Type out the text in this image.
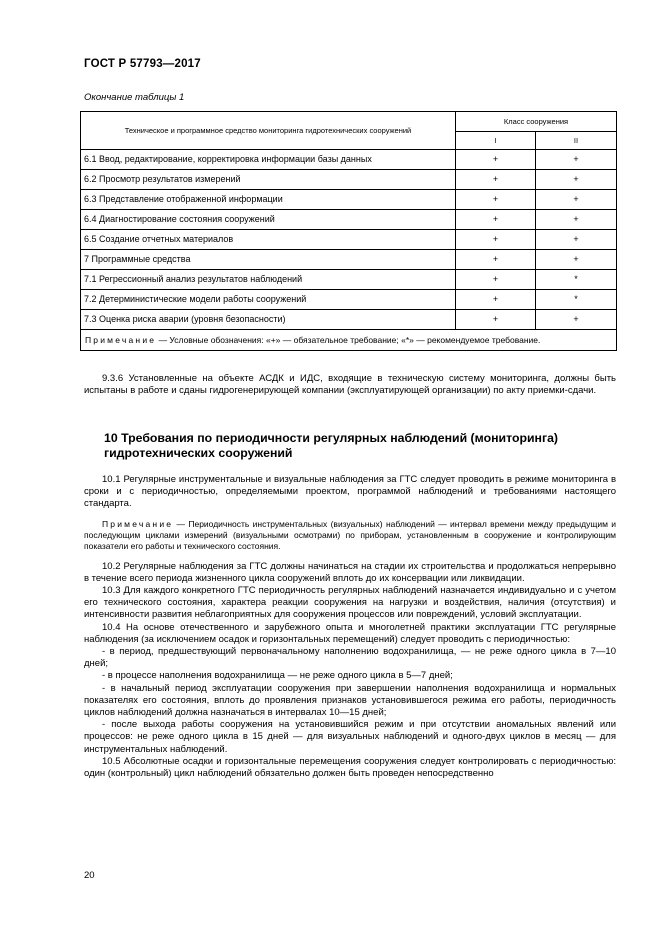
ГОСТ Р 57793—2017
Окончание таблицы 1
Техническое и программное средство мониторинга гидротехнических сооружений	Класс сооружения	
	I	II
6.1 Ввод, редактирование, корректировка информации базы данных	+	+
6.2 Просмотр результатов измерений	+	+
6.3 Представление отображенной информации	+	+
6.4 Диагностирование состояния сооружений	+	+
6.5 Создание отчетных материалов	+	+
7 Программные средства	+	+
7.1 Регрессионный анализ результатов наблюдений	+	*
7.2 Детерминистические модели работы сооружений	+	*
7.3 Оценка риска аварии (уровня безопасности)	+	+
Примечание — Условные обозначения: «+» — обязательное требование; «*» — рекомендуемое требование.		

9.3.6 Установленные на объекте АСДК и ИДС, входящие в техническую систему мониторинга, должны быть испытаны в работе и сданы гидрогенерирующей компании (эксплуатирующей организации) по акту приемки-сдачи.

10 Требования по периодичности регулярных наблюдений (мониторинга) гидротехнических сооружений

10.1 Регулярные инструментальные и визуальные наблюдения за ГТС следует проводить в режиме мониторинга в сроки и с периодичностью, определяемыми проектом, программой наблюдений и требованиями настоящего стандарта.

Примечание — Периодичность инструментальных (визуальных) наблюдений — интервал времени между предыдущим и последующим циклами измерений (визуальными осмотрами) по приборам, установленным в сооружение и контролирующим показатели его работы и технического состояния.

10.2 Регулярные наблюдения за ГТС должны начинаться на стадии их строительства и продолжаться непрерывно в течение всего периода жизненного цикла сооружений вплоть до их консервации или ликвидации.

10.3 Для каждого конкретного ГТС периодичность регулярных наблюдений назначается индивидуально и с учетом его технического состояния, характера реакции сооружения на нагрузки и воздействия, наличия (отсутствия) и интенсивности развития неблагоприятных для сооружения процессов или повреждений, условий эксплуатации.

10.4 На основе отечественного и зарубежного опыта и многолетней практики эксплуатации ГТС регулярные наблюдения (за исключением осадок и горизонтальных перемещений) следует проводить с периодичностью:

- в период, предшествующий первоначальному наполнению водохранилища, — не реже одного цикла в 7—10 дней;

- в процессе наполнения водохранилища — не реже одного цикла в 5—7 дней;

- в начальный период эксплуатации сооружения при завершении наполнения водохранилища и нормальных показателях его состояния, вплоть до проявления признаков установившегося режима его работы, периодичность циклов наблюдений должна назначаться в интервалах 10—15 дней;

- после выхода работы сооружения на установившийся режим и при отсутствии аномальных явлений или процессов: не реже одного цикла в 15 дней — для визуальных наблюдений и одного-двух циклов в месяц — для инструментальных наблюдений.

10.5 Абсолютные осадки и горизонтальные перемещения сооружения следует контролировать с периодичностью: один (контрольный) цикл наблюдений обязательно должен быть проведен непосредственно

20
